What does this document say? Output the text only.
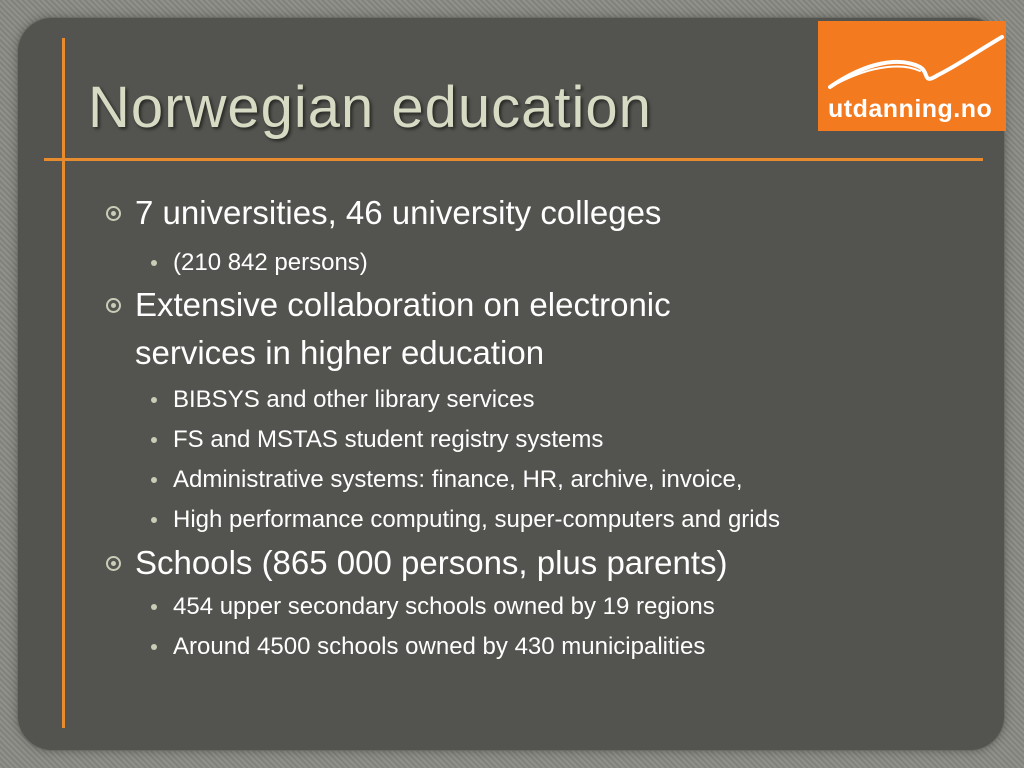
Norwegian education	utdanning.no
7 universities, 46 university colleges
(210 842 persons)
Extensive collaboration on electronic
services in higher education
BIBSYS and other library services
FS and MSTAS student registry systems
Administrative systems: finance, HR, archive, invoice,
High performance computing, super-computers and grids
Schools (865 000 persons, plus parents)
454 upper secondary schools owned by 19 regions
Around 4500 schools owned by 430 municipalities
